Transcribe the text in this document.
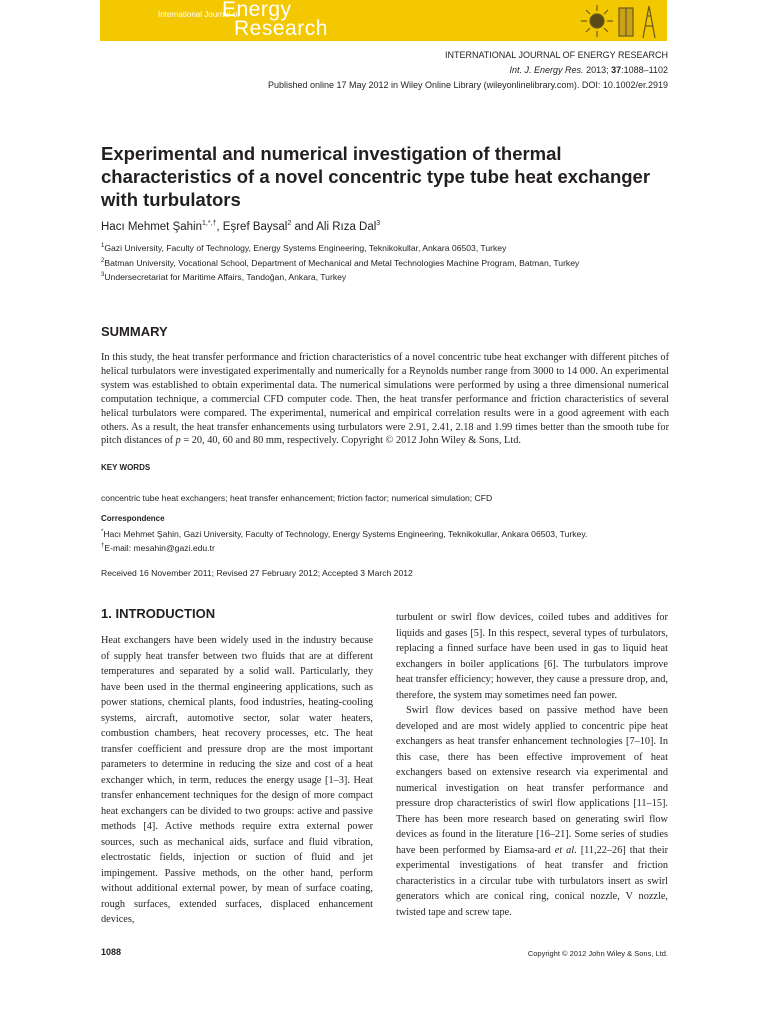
International Journal of
Energy
Research
INTERNATIONAL JOURNAL OF ENERGY RESEARCH
Int. J. Energy Res. 2013; 37:1088–1102
Published online 17 May 2012 in Wiley Online Library (wileyonlinelibrary.com). DOI: 10.1002/er.2919
Experimental and numerical investigation of thermal characteristics of a novel concentric type tube heat exchanger with turbulators
Hacı Mehmet Şahin$^{1,*,\dagger}$, Eşref Baysal$^2$ and Ali Rıza Dal$^3$
$^1$Gazi University, Faculty of Technology, Energy Systems Engineering, Teknikokullar, Ankara 06503, Turkey
$^2$Batman University, Vocational School, Department of Mechanical and Metal Technologies Machine Program, Batman, Turkey
$^3$Undersecretariat for Maritime Affairs, Tandoğan, Ankara, Turkey
SUMMARY

In this study, the heat transfer performance and friction characteristics of a novel concentric tube heat exchanger with different pitches of helical turbulators were investigated experimentally and numerically for a Reynolds number range from 3000 to 14 000. An experimental system was established to obtain experimental data. The numerical simulations were performed by using a three dimensional numerical computation technique, a commercial CFD computer code. Then, the heat transfer performance and friction characteristics of several helical turbulators were compared. The experimental, numerical and empirical correlation results were in a good agreement with each others. As a result, the heat transfer enhancements using turbulators were 2.91, 2.41, 2.18 and 1.99 times better than the smooth tube for pitch distances of p = 20, 40, 60 and 80 mm, respectively. Copyright © 2012 John Wiley & Sons, Ltd.

KEY WORDS
concentric tube heat exchangers; heat transfer enhancement; friction factor; numerical simulation; CFD
Correspondence
*Hacı Mehmet Şahin, Gazi University, Faculty of Technology, Energy Systems Engineering, Teknikokullar, Ankara 06503, Turkey.
†E-mail: mesahin@gazi.edu.tr
Received 16 November 2011; Revised 27 February 2012; Accepted 3 March 2012
1. INTRODUCTION

Heat exchangers have been widely used in the industry because of supply heat transfer between two fluids that are at different temperatures and separated by a solid wall. Particularly, they have been used in the thermal engineering applications, such as power stations, chemical plants, food industries, heating-cooling systems, aircraft, automotive sector, solar water heaters, combustion chambers, heat recovery processes, etc. The heat transfer coefficient and pressure drop are the most important parameters to determine in reducing the size and cost of a heat exchanger which, in term, reduces the energy usage [1–3]. Heat transfer enhancement techniques for the design of more compact heat exchangers can be divided to two groups: active and passive methods [4]. Active methods require extra external power sources, such as mechanical aids, surface and fluid vibration, electrostatic fields, injection or suction of fluid and jet impingement. Passive methods, on the other hand, perform without additional external power, by mean of surface coating, rough surfaces, extended surfaces, displaced enhancement devices,

turbulent or swirl flow devices, coiled tubes and additives for liquids and gases [5]. In this respect, several types of turbulators, replacing a finned surface have been used in gas to liquid heat exchangers in boiler applications [6]. The turbulators improve heat transfer efficiency; however, they cause a pressure drop, and, therefore, the system may sometimes need fan power.

Swirl flow devices based on passive method have been developed and are most widely applied to concentric pipe heat exchangers as heat transfer enhancement technologies [7–10]. In this case, there has been effective improvement of heat exchangers based on extensive research via experimental and numerical investigation on heat transfer performance and pressure drop characteristics of swirl flow applications [11–15]. There has been more research based on generating swirl flow devices as found in the literature [16–21]. Some series of studies have been performed by Eiamsa-ard et al. [11,22–26] that their experimental investigations of heat transfer and friction characteristics in a circular tube with turbulators insert as swirl generators which are conical ring, conical nozzle, V nozzle, twisted tape and screw tape.

1088	Copyright © 2012 John Wiley & Sons, Ltd.
